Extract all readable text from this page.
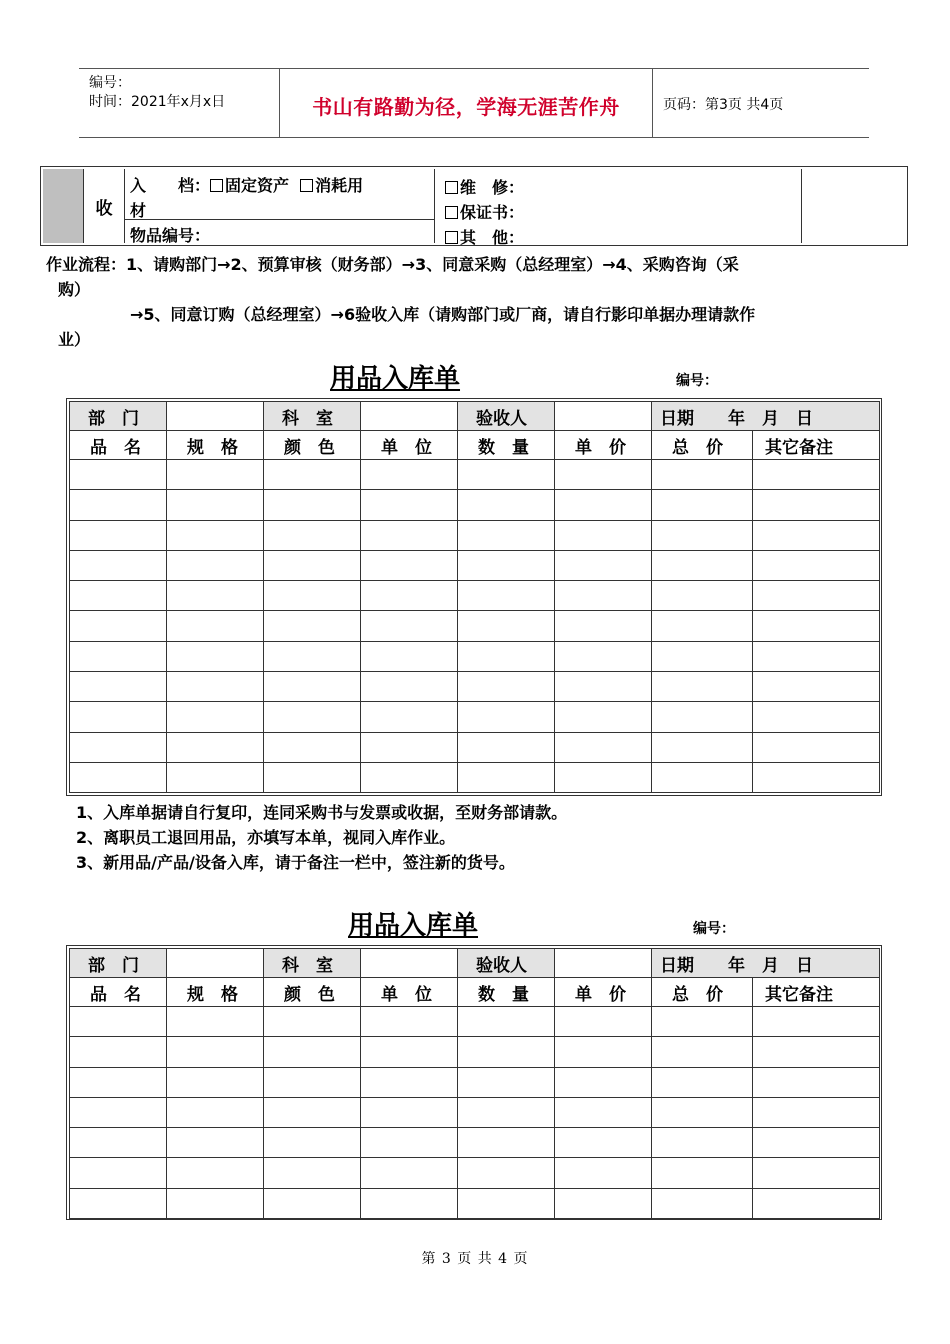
编号：
时间：2021年x月x日	书山有路勤为径，学海无涯苦作舟	页码：第3页 共4页
收
入　　档： 固定资产 消耗用
材
物品编号：
维　修：
保证书：
其　他：
作业流程：1、请购部门→2、预算审核（财务部）→3、同意采购（总经理室）→4、采购咨询（采
购）
→5、同意订购（总经理室）→6验收入库（请购部门或厂商，请自行影印单据办理请款作
业）
用品入库单	编号：
部　门		科　室		验收人		日期　　年　月　日	
品　名	规　格	颜　色	单　位	数　量	单　价	总　价	其它备注

1、入库单据请自行复印，连同采购书与发票或收据，至财务部请款。
2、离职员工退回用品，亦填写本单，视同入库作业。
3、新用品/产品/设备入库，请于备注一栏中，签注新的货号。
用品入库单	编号：
部　门		科　室		验收人		日期　　年　月　日	
品　名	规　格	颜　色	单　位	数　量	单　价	总　价	其它备注

第 3 页 共 4 页
